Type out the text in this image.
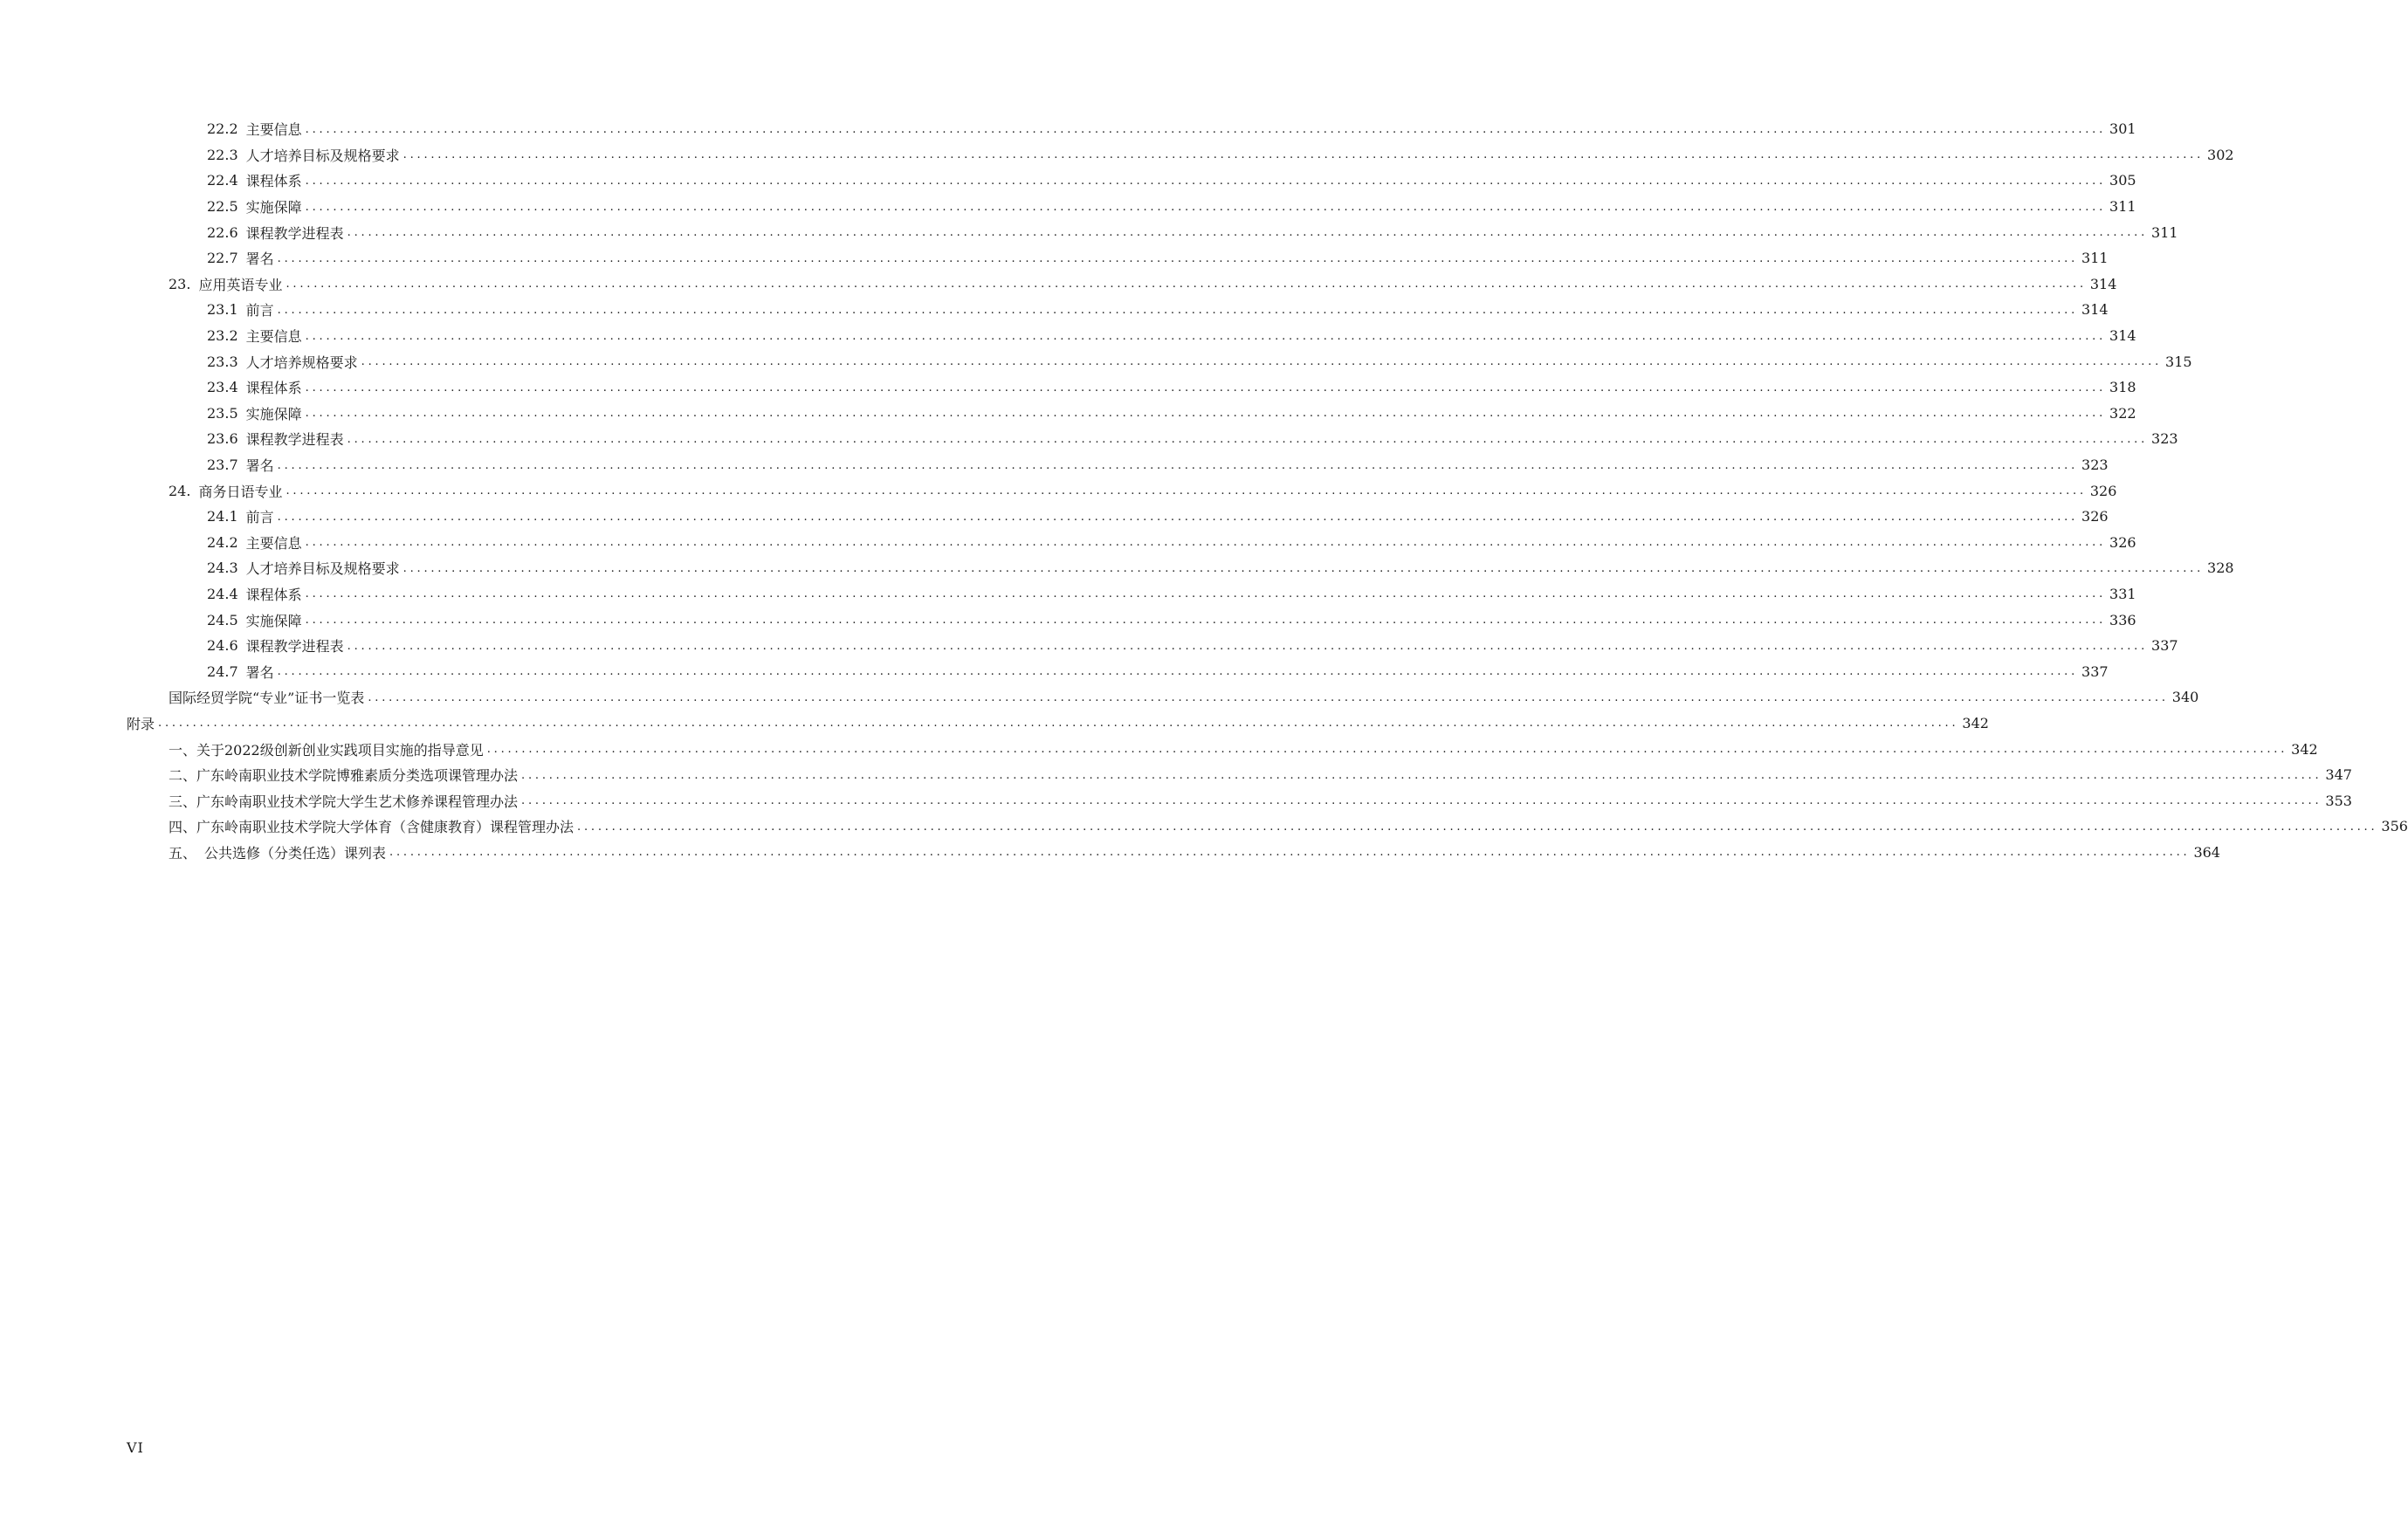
22.2 主要信息 .................................................................................................................................................................................................................................................................... 301
22.3 人才培养目标及规格要求 .................................................................................................................................................................................................................................................................... 302
22.4 课程体系 .................................................................................................................................................................................................................................................................... 305
22.5 实施保障 .................................................................................................................................................................................................................................................................... 311
22.6 课程教学进程表 .................................................................................................................................................................................................................................................................... 311
22.7 署名 .................................................................................................................................................................................................................................................................... 311
23. 应用英语专业 .................................................................................................................................................................................................................................................................... 314
23.1 前言 .................................................................................................................................................................................................................................................................... 314
23.2 主要信息 .................................................................................................................................................................................................................................................................... 314
23.3 人才培养规格要求 .................................................................................................................................................................................................................................................................... 315
23.4 课程体系 .................................................................................................................................................................................................................................................................... 318
23.5 实施保障 .................................................................................................................................................................................................................................................................... 322
23.6 课程教学进程表 .................................................................................................................................................................................................................................................................... 323
23.7 署名 .................................................................................................................................................................................................................................................................... 323
24. 商务日语专业 .................................................................................................................................................................................................................................................................... 326
24.1 前言 .................................................................................................................................................................................................................................................................... 326
24.2 主要信息 .................................................................................................................................................................................................................................................................... 326
24.3 人才培养目标及规格要求 .................................................................................................................................................................................................................................................................... 328
24.4 课程体系 .................................................................................................................................................................................................................................................................... 331
24.5 实施保障 .................................................................................................................................................................................................................................................................... 336
24.6 课程教学进程表 .................................................................................................................................................................................................................................................................... 337
24.7 署名 .................................................................................................................................................................................................................................................................... 337
国际经贸学院“专业”证书一览表 .................................................................................................................................................................................................................................................................... 340
附录 .................................................................................................................................................................................................................................................................... 342
一、关于2022级创新创业实践项目实施的指导意见 .................................................................................................................................................................................................................................................................... 342
二、广东岭南职业技术学院博雅素质分类选项课管理办法 .................................................................................................................................................................................................................................................................... 347
三、广东岭南职业技术学院大学生艺术修养课程管理办法 .................................................................................................................................................................................................................................................................... 353
四、广东岭南职业技术学院大学体育（含健康教育）课程管理办法 .................................................................................................................................................................................................................................................................... 356
五、 公共选修（分类任选）课列表 .................................................................................................................................................................................................................................................................... 364
VI
